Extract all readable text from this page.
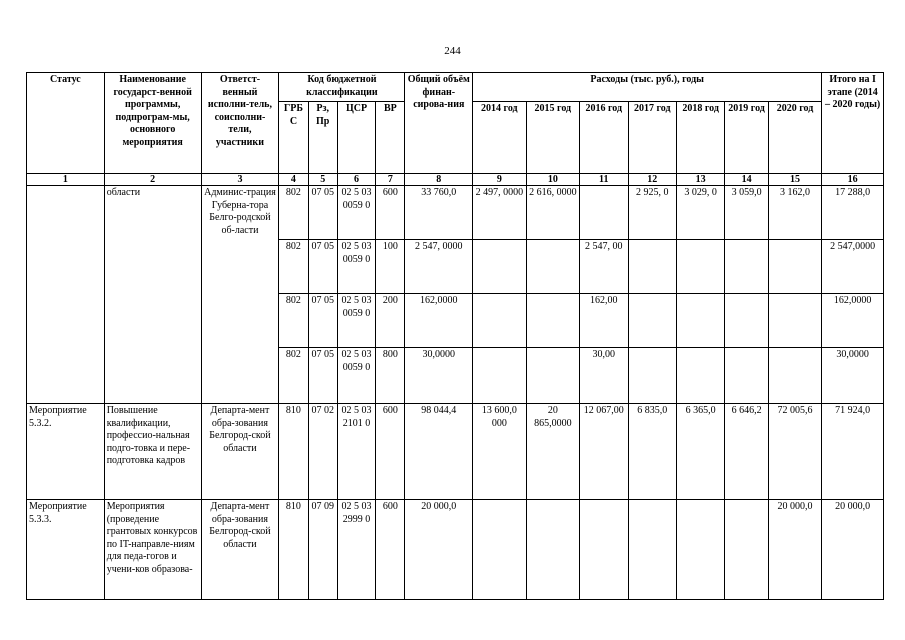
244
Статус	Наименование государст-венной программы, подпрограм-мы, основного мероприятия	Ответст-венный исполни-тель, соисполни-тели, участники	Код бюджетной классификации				Общий объём финан-сирова-ния	Расходы (тыс. руб.), годы							Итого на I этапе (2014 – 2020 годы)
			ГРБ С	Рз, Пр	ЦСР	ВР		2014 год	2015 год	2016 год	2017 год	2018 год	2019 год	2020 год	
1	2	3	4	5	6	7	8	9	10	11	12	13	14	15	16
	области	Админис-трация Губерна-тора Белго-родской об-ласти	802	07 05	02 5 03 0059 0	600	33 760,0	2 497, 0000	2 616, 0000		2 925, 0	3 029, 0	3 059,0	3 162,0	17 288,0
			802	07 05	02 5 03 0059 0	100	2 547, 0000			2 547, 00					2 547,0000
			802	07 05	02 5 03 0059 0	200	162,0000			162,00					162,0000
			802	07 05	02 5 03 0059 0	800	30,0000			30,00					30,0000
Мероприятие 5.3.2.	Повышение квалификации, профессио-нальная подго-товка и пере-подготовка кадров	Департа-мент обра-зования Белгород-ской области	810	07 02	02 5 03 2101 0	600	98 044,4	13 600,0 000	20 865,0000	12 067,00	6 835,0	6 365,0	6 646,2	72 005,6	71 924,0
Мероприятие 5.3.3.	Мероприятия (проведение грантовых конкурсов по IT-направле-ниям для педа-гогов и учени-ков образова-	Департа-мент обра-зования Белгород-ской области	810	07 09	02 5 03 2999 0	600	20 000,0							20 000,0	20 000,0
